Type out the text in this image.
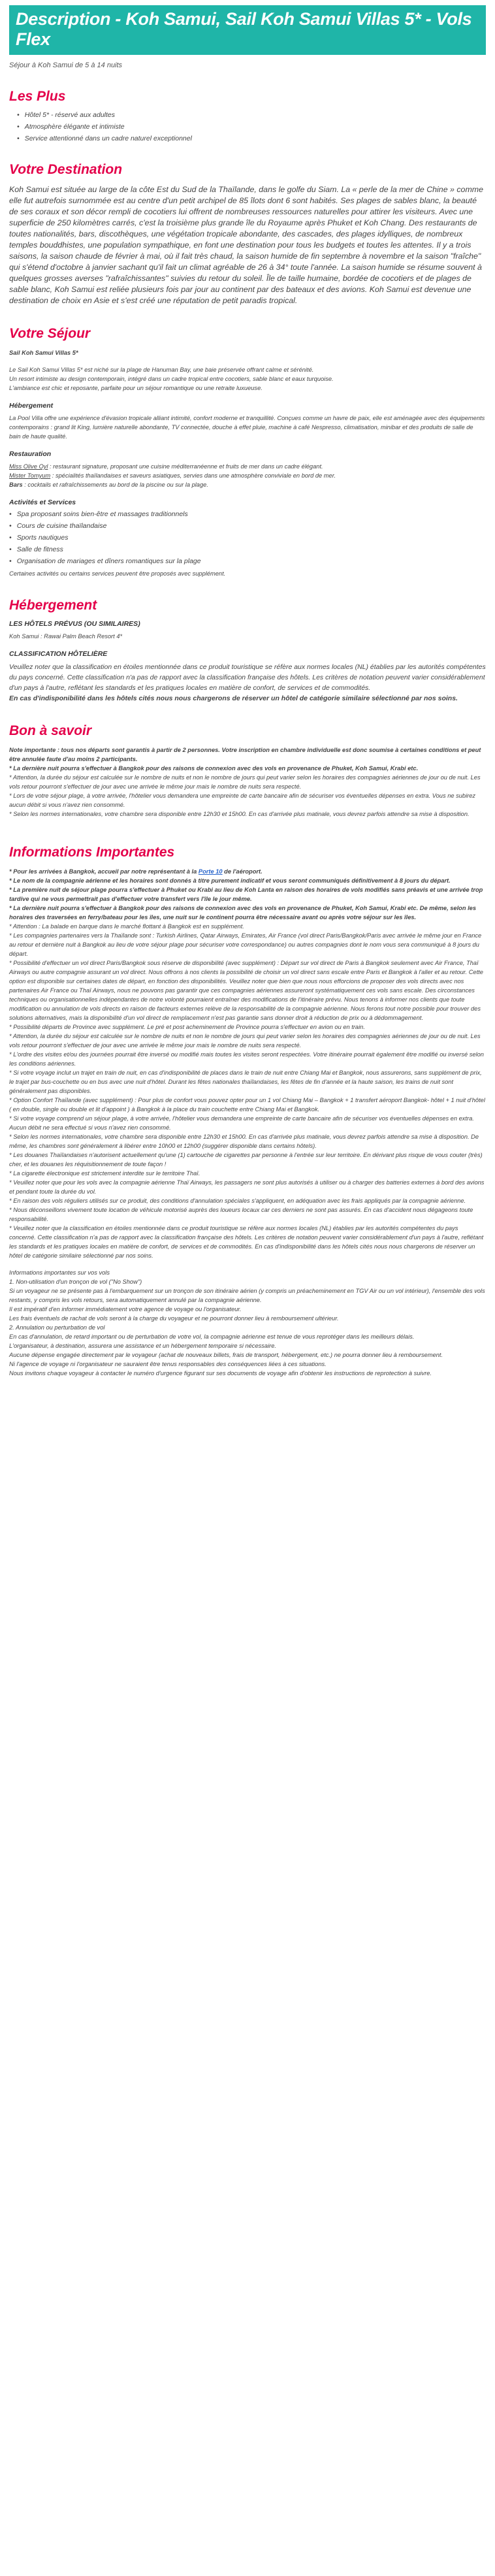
Description - Koh Samui, Sail Koh Samui Villas 5* - Vols Flex

Séjour à Koh Samui de 5 à 14 nuits

Les Plus
• Hôtel 5* - réservé aux adultes
• Atmosphère élégante et intimiste
• Service attentionné dans un cadre naturel exceptionnel
Votre Destination

Koh Samui est située au large de la côte Est du Sud de la Thaïlande, dans le golfe du Siam. La « perle de la mer de Chine » comme elle fut autrefois surnommée est au centre d'un petit archipel de 85 îlots dont 6 sont habités. Ses plages de sables blanc, la beauté de ses coraux et son décor rempli de cocotiers lui offrent de nombreuses ressources naturelles pour attirer les visiteurs. Avec une superficie de 250 kilomètres carrés, c'est la troisième plus grande île du Royaume après Phuket et Koh Chang. Des restaurants de toutes nationalités, bars, discothèques, une végétation tropicale abondante, des cascades, des plages idylliques, de nombreux temples bouddhistes, une population sympathique, en font une destination pour tous les budgets et toutes les attentes. Il y a trois saisons, la saison chaude de février à mai, où il fait très chaud, la saison humide de fin septembre à novembre et la saison "fraîche" qui s'étend d'octobre à janvier sachant qu'il fait un climat agréable de 26 à 34° toute l'année. La saison humide se résume souvent à quelques grosses averses "rafraîchissantes" suivies du retour du soleil. Île de taille humaine, bordée de cocotiers et de plages de sable blanc, Koh Samui est reliée plusieurs fois par jour au continent par des bateaux et des avions. Koh Samui est devenue une destination de choix en Asie et s'est créé une réputation de petit paradis tropical.

Votre Séjour

Sail Koh Samui Villas 5*

Le Sail Koh Samui Villas 5* est niché sur la plage de Hanuman Bay, une baie préservée offrant calme et sérénité.

Un resort intimiste au design contemporain, intégré dans un cadre tropical entre cocotiers, sable blanc et eaux turquoise.

L'ambiance est chic et reposante, parfaite pour un séjour romantique ou une retraite luxueuse.

Hébergement

La Pool Villa offre une expérience d'évasion tropicale alliant intimité, confort moderne et tranquillité. Conçues comme un havre de paix, elle est aménagée avec des équipements contemporains : grand lit King, lumière naturelle abondante, TV connectée, douche à effet pluie, machine à café Nespresso, climatisation, minibar et des produits de salle de bain de haute qualité.

Restauration

Miss Olive Oyl : restaurant signature, proposant une cuisine méditerranéenne et fruits de mer dans un cadre élégant.

Mister Tomyum : spécialités thaïlandaises et saveurs asiatiques, servies dans une atmosphère conviviale en bord de mer.

Bars : cocktails et rafraîchissements au bord de la piscine ou sur la plage.

Activités et Services

• Spa proposant soins bien-être et massages traditionnels
• Cours de cuisine thaïlandaise
• Sports nautiques
• Salle de fitness
• Organisation de mariages et dîners romantiques sur la plage

Certaines activités ou certains services peuvent être proposés avec supplément.

Hébergement

LES HÔTELS PRÉVUS (OU SIMILAIRES)

Koh Samui : Rawai Palm Beach Resort 4*

CLASSIFICATION HÔTELIÈRE

Veuillez noter que la classification en étoiles mentionnée dans ce produit touristique se réfère aux normes locales (NL) établies par les autorités compétentes du pays concerné. Cette classification n'a pas de rapport avec la classification française des hôtels. Les critères de notation peuvent varier considérablement d'un pays à l'autre, reflétant les standards et les pratiques locales en matière de confort, de services et de commodités.

En cas d'indisponibilité dans les hôtels cités nous nous chargerons de réserver un hôtel de catégorie similaire sélectionné par nos soins.

Bon à savoir

Note importante : tous nos départs sont garantis à partir de 2 personnes. Votre inscription en chambre individuelle est donc soumise à certaines conditions et peut être annulée faute d'au moins 2 participants.

* La dernière nuit pourra s'effectuer à Bangkok pour des raisons de connexion avec des vols en provenance de Phuket, Koh Samui, Krabi etc.

* Attention, la durée du séjour est calculée sur le nombre de nuits et non le nombre de jours qui peut varier selon les horaires des compagnies aériennes de jour ou de nuit. Les vols retour pourront s'effectuer de jour avec une arrivée le même jour mais le nombre de nuits sera respecté.

* Lors de votre séjour plage, à votre arrivée, l'hôtelier vous demandera une empreinte de carte bancaire afin de sécuriser vos éventuelles dépenses en extra. Vous ne subirez aucun débit si vous n'avez rien consommé.

* Selon les normes internationales, votre chambre sera disponible entre 12h30 et 15h00. En cas d'arrivée plus matinale, vous devrez parfois attendre sa mise à disposition.

Informations Importantes

* Pour les arrivées à Bangkok, accueil par notre représentant à la Porte 10 de l'aéroport.

* Le nom de la compagnie aérienne et les horaires sont donnés à titre purement indicatif et vous seront communiqués définitivement à 8 jours du départ.

* La première nuit de séjour plage pourra s'effectuer à Phuket ou Krabi au lieu de Koh Lanta en raison des horaires de vols modifiés sans préavis et une arrivée trop tardive qui ne vous permettrait pas d'effectuer votre transfert vers l'île le jour même.

* La dernière nuit pourra s'effectuer à Bangkok pour des raisons de connexion avec des vols en provenance de Phuket, Koh Samui, Krabi etc. De même, selon les horaires des traversées en ferry/bateau pour les îles, une nuit sur le continent pourra être nécessaire avant ou après votre séjour sur les îles.

* Attention : La balade en barque dans le marché flottant à Bangkok est en supplément.

* Les compagnies partenaires vers la Thaïlande sont : Turkish Airlines, Qatar Airways, Emirates, Air France (vol direct Paris/Bangkok/Paris avec arrivée le même jour en France au retour et dernière nuit à Bangkok au lieu de votre séjour plage pour sécuriser votre correspondance) ou autres compagnies dont le nom vous sera communiqué à 8 jours du départ.

* Possibilité d'effectuer un vol direct Paris/Bangkok sous réserve de disponibilité (avec supplément) : Départ sur vol direct de Paris à Bangkok seulement avec Air France, Thaï Airways ou autre compagnie assurant un vol direct. Nous offrons à nos clients la possibilité de choisir un vol direct sans escale entre Paris et Bangkok à l'aller et au retour. Cette option est disponible sur certaines dates de départ, en fonction des disponibilités. Veuillez noter que bien que nous nous efforcions de proposer des vols directs avec nos partenaires Air France ou Thaï Airways, nous ne pouvons pas garantir que ces compagnies aériennes assureront systématiquement ces vols sans escale. Des circonstances techniques ou organisationnelles indépendantes de notre volonté pourraient entraîner des modifications de l'itinéraire prévu. Nous tenons à informer nos clients que toute modification ou annulation de vols directs en raison de facteurs externes relève de la responsabilité de la compagnie aérienne. Nous ferons tout notre possible pour trouver des solutions alternatives, mais la disponibilité d'un vol direct de remplacement n'est pas garantie sans donner droit à réduction de prix ou à dédommagement.

* Possibilité départs de Province avec supplément. Le pré et post acheminement de Province pourra s'effectuer en avion ou en train.

* Attention, la durée du séjour est calculée sur le nombre de nuits et non le nombre de jours qui peut varier selon les horaires des compagnies aériennes de jour ou de nuit. Les vols retour pourront s'effectuer de jour avec une arrivée le même jour mais le nombre de nuits sera respecté.

* L'ordre des visites et/ou des journées pourrait être inversé ou modifié mais toutes les visites seront respectées. Votre itinéraire pourrait également être modifié ou inversé selon les conditions aériennes.

* Si votre voyage inclut un trajet en train de nuit, en cas d'indisponibilité de places dans le train de nuit entre Chiang Mai et Bangkok, nous assurerons, sans supplément de prix, le trajet par bus-couchette ou en bus avec une nuit d'hôtel. Durant les fêtes nationales thaïlandaises, les fêtes de fin d'année et la haute saison, les trains de nuit sont généralement pas disponibles.

* Option Confort Thaïlande (avec supplément) : Pour plus de confort vous pouvez opter pour un 1 vol Chiang Mai – Bangkok + 1 transfert aéroport Bangkok- hôtel + 1 nuit d'hôtel ( en double, single ou double et lit d'appoint ) à Bangkok à la place du train couchette entre Chiang Mai et Bangkok.

* Si votre voyage comprend un séjour plage, à votre arrivée, l'hôtelier vous demandera une empreinte de carte bancaire afin de sécuriser vos éventuelles dépenses en extra. Aucun débit ne sera effectué si vous n'avez rien consommé.

* Selon les normes internationales, votre chambre sera disponible entre 12h30 et 15h00. En cas d'arrivée plus matinale, vous devrez parfois attendre sa mise à disposition. De même, les chambres sont généralement à libérer entre 10h00 et 12h00 (suggérer disponible dans certains hôtels).

* Les douanes Thaïlandaises n'autorisent actuellement qu'une (1) cartouche de cigarettes par personne à l'entrée sur leur territoire. En dérivant plus risque de vous couter (très) cher, et les douanes les réquisitionnement de toute façon !

* La cigarette électronique est strictement interdite sur le territoire Thaï.

* Veuillez noter que pour les vols avec la compagnie aérienne Thaï Airways, les passagers ne sont plus autorisés à utiliser ou à charger des batteries externes à bord des avions et pendant toute la durée du vol.

* En raison des vols réguliers utilisés sur ce produit, des conditions d'annulation spéciales s'appliquent, en adéquation avec les frais appliqués par la compagnie aérienne.

* Nous déconseillons vivement toute location de véhicule motorisé auprès des loueurs locaux car ces derniers ne sont pas assurés. En cas d'accident nous dégageons toute responsabilité.

* Veuillez noter que la classification en étoiles mentionnée dans ce produit touristique se réfère aux normes locales (NL) établies par les autorités compétentes du pays concerné. Cette classification n'a pas de rapport avec la classification française des hôtels. Les critères de notation peuvent varier considérablement d'un pays à l'autre, reflétant les standards et les pratiques locales en matière de confort, de services et de commodités. En cas d'indisponibilité dans les hôtels cités nous nous chargerons de réserver un hôtel de catégorie similaire sélectionné par nos soins.

Informations importantes sur vos vols

1. Non-utilisation d'un tronçon de vol ("No Show")

Si un voyageur ne se présente pas à l'embarquement sur un tronçon de son itinéraire aérien (y compris un préacheminement en TGV Air ou un vol intérieur), l'ensemble des vols restants, y compris les vols retours, sera automatiquement annulé par la compagnie aérienne.

Il est impératif d'en informer immédiatement votre agence de voyage ou l'organisateur.

Les frais éventuels de rachat de vols seront à la charge du voyageur et ne pourront donner lieu à remboursement ultérieur.

2. Annulation ou perturbation de vol

En cas d'annulation, de retard important ou de perturbation de votre vol, la compagnie aérienne est tenue de vous reprotéger dans les meilleurs délais.

L'organisateur, à destination, assurera une assistance et un hébergement temporaire si nécessaire.

Aucune dépense engagée directement par le voyageur (achat de nouveaux billets, frais de transport, hébergement, etc.) ne pourra donner lieu à remboursement.

Ni l'agence de voyage ni l'organisateur ne sauraient être tenus responsables des conséquences liées à ces situations.

Nous invitons chaque voyageur à contacter le numéro d'urgence figurant sur ses documents de voyage afin d'obtenir les instructions de reprotection à suivre.
